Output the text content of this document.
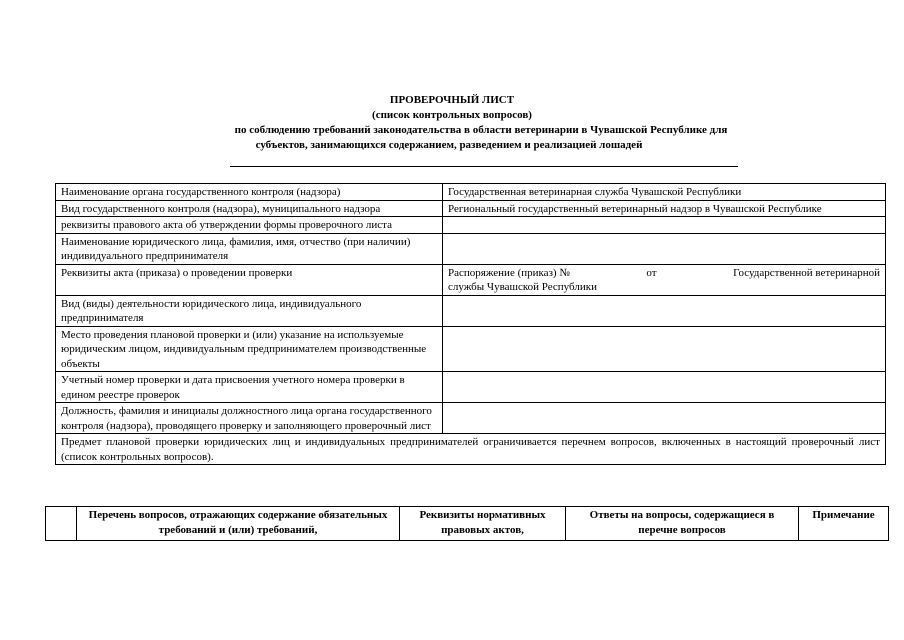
ПРОВЕРОЧНЫЙ ЛИСТ
(список контрольных вопросов)
по соблюдению требований законодательства в области ветеринарии в Чувашской Республике для
субъектов, занимающихся содержанием, разведением и реализацией лошадей
Наименование органа государственного контроля (надзора)	Государственная ветеринарная служба Чувашской Республики
Вид государственного контроля (надзора), муниципального надзора	Региональный государственный ветеринарный надзор в Чувашской Республике
реквизиты правового акта об утверждении формы проверочного листа	
Наименование юридического лица, фамилия, имя, отчество (при наличии) индивидуального предпринимателя	
Реквизиты акта (приказа) о проведении проверки	Распоряжение (приказ) № от Государственной ветеринарной
службы Чувашской Республики

Вид (виды) деятельности юридического лица, индивидуального предпринимателя	
Место проведения плановой проверки и (или) указание на используемые юридическим лицом, индивидуальным предпринимателем производственные объекты	
Учетный номер проверки и дата присвоения учетного номера проверки в едином реестре проверок	
Должность, фамилия и инициалы должностного лица органа государственного контроля (надзора), проводящего проверку и заполняющего проверочный лист	
Предмет плановой проверки юридических лиц и индивидуальных предпринимателей ограничивается перечнем вопросов, включенных в настоящий проверочный лист (список контрольных вопросов).	
	Перечень вопросов, отражающих содержание обязательных требований и (или) требований,	Реквизиты нормативных правовых актов,	Ответы на вопросы, содержащиеся в перечне вопросов	Примечание
